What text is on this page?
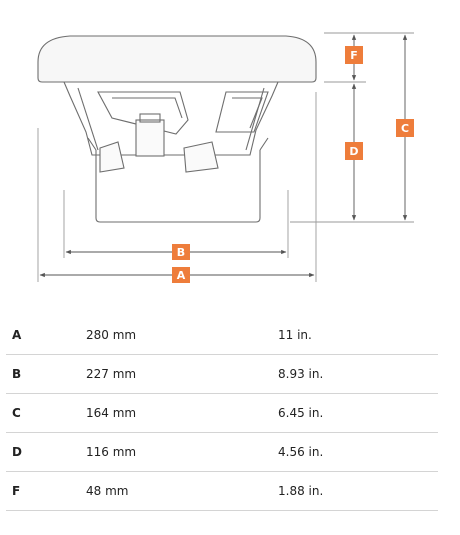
B
A
C
D
F
A	280 mm	11 in.
B	227 mm	8.93 in.
C	164 mm	6.45 in.
D	116 mm	4.56 in.
F	48 mm	1.88 in.
